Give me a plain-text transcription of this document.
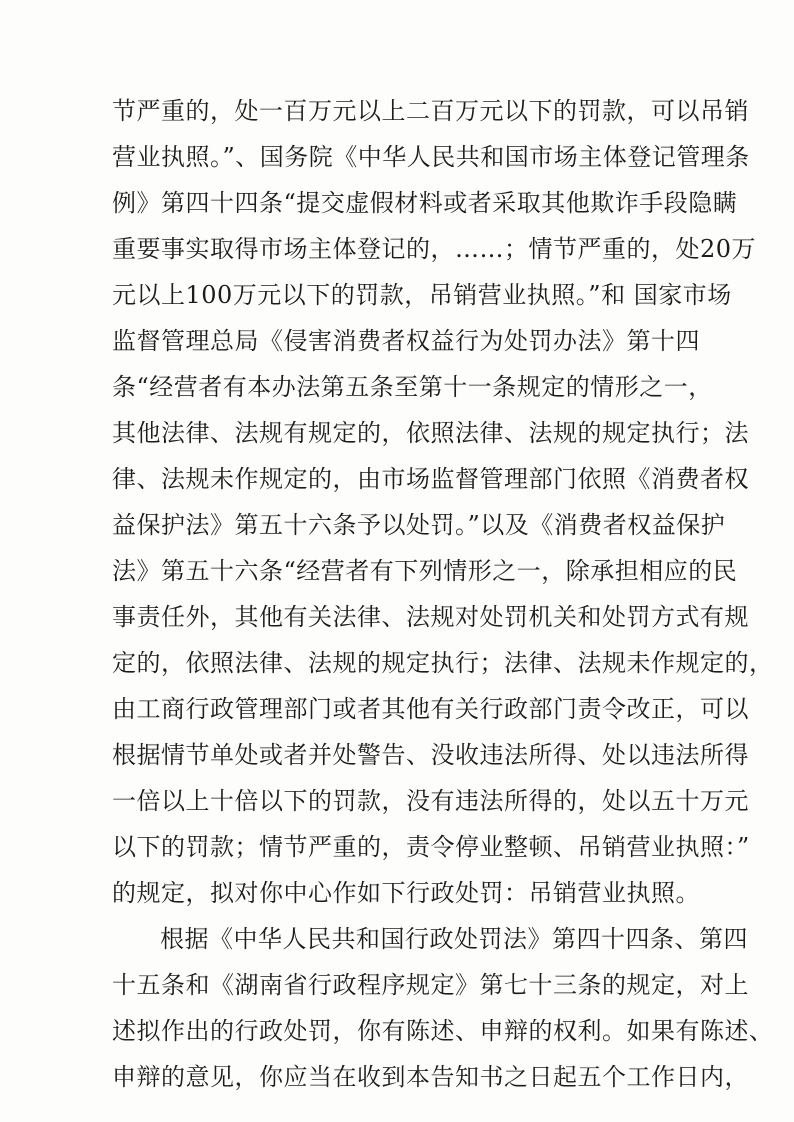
节严重的，处一百万元以上二百万元以下的罚款，可以吊销
营业执照。”、国务院《中华人民共和国市场主体登记管理条
例》第四十四条“提交虚假材料或者采取其他欺诈手段隐瞒
重要事实取得市场主体登记的，……；情节严重的，处20万
元以上100万元以下的罚款，吊销营业执照。”和 国家市场
监督管理总局《侵害消费者权益行为处罚办法》第十四
条“经营者有本办法第五条至第十一条规定的情形之一，
其他法律、法规有规定的，依照法律、法规的规定执行；法
律、法规未作规定的，由市场监督管理部门依照《消费者权
益保护法》第五十六条予以处罚。”以及《消费者权益保护
法》第五十六条“经营者有下列情形之一，除承担相应的民
事责任外，其他有关法律、法规对处罚机关和处罚方式有规
定的，依照法律、法规的规定执行；法律、法规未作规定的，
由工商行政管理部门或者其他有关行政部门责令改正，可以
根据情节单处或者并处警告、没收违法所得、处以违法所得
一倍以上十倍以下的罚款，没有违法所得的，处以五十万元
以下的罚款；情节严重的，责令停业整顿、吊销营业执照：”
的规定，拟对你中心作如下行政处罚：吊销营业执照。
根据《中华人民共和国行政处罚法》第四十四条、第四
十五条和《湖南省行政程序规定》第七十三条的规定，对上
述拟作出的行政处罚，你有陈述、申辩的权利。如果有陈述、
申辩的意见，你应当在收到本告知书之日起五个工作日内，
